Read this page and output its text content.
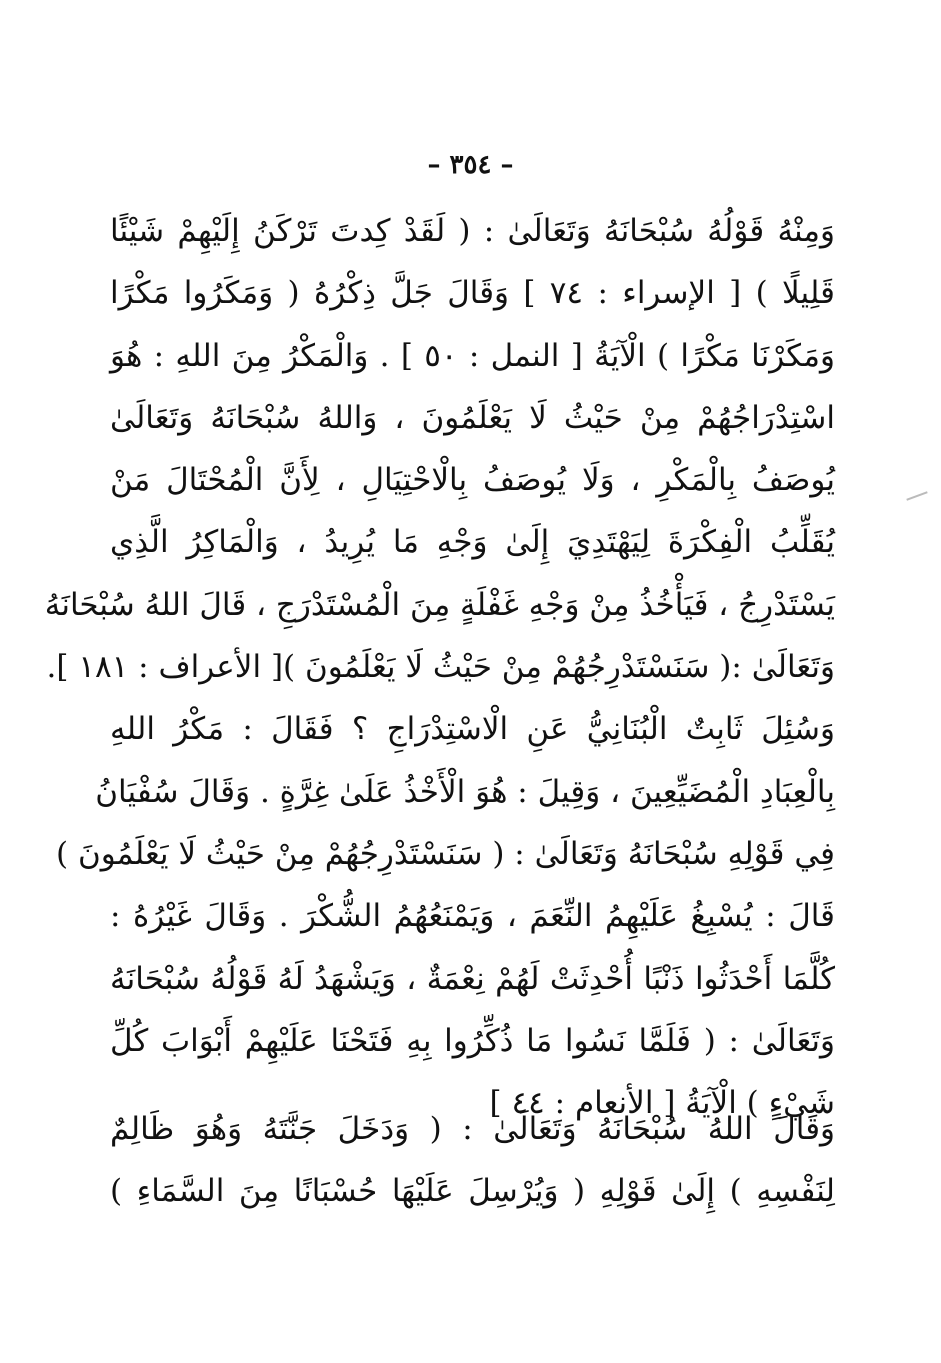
– ٣٥٤ –
وَمِنْهُ قَوْلُهُ سُبْحَانَهُ وَتَعَالَىٰ : ( لَقَدْ كِدتَ تَرْكَنُ إِلَيْهِمْ شَيْئًا
قَلِيلًا ) [ الإسراء : ٧٤ ] وَقَالَ جَلَّ ذِكْرُهُ ( وَمَكَرُوا مَكْرًا
وَمَكَرْنَا مَكْرًا ) الْآيَةُ [ النمل : ٥٠ ] . وَالْمَكْرُ مِنَ اللهِ : هُوَ
اسْتِدْرَاجُهُمْ مِنْ حَيْثُ لَا يَعْلَمُونَ ، وَاللهُ سُبْحَانَهُ وَتَعَالَىٰ
يُوصَفُ بِالْمَكْرِ ، وَلَا يُوصَفُ بِالْاحْتِيَالِ ، لِأَنَّ الْمُحْتَالَ مَنْ
يُقَلِّبُ الْفِكْرَةَ لِيَهْتَدِيَ إِلَىٰ وَجْهِ مَا يُرِيدُ ، وَالْمَاكِرُ الَّذِي
يَسْتَدْرِجُ ، فَيَأْخُذُ مِنْ وَجْهِ غَفْلَةٍ مِنَ الْمُسْتَدْرَجِ ، قَالَ اللهُ سُبْحَانَهُ
وَتَعَالَىٰ :( سَنَسْتَدْرِجُهُمْ مِنْ حَيْثُ لَا يَعْلَمُونَ )[ الأعراف : ١٨١ ].
وَسُئِلَ ثَابِتٌ الْبُنَانِيُّ عَنِ الْاسْتِدْرَاجِ ؟ فَقَالَ : مَكْرُ اللهِ
بِالْعِبَادِ الْمُضَيِّعِينَ ، وَقِيلَ : هُوَ الْأَخْذُ عَلَىٰ غِرَّةٍ . وَقَالَ سُفْيَانُ
فِي قَوْلِهِ سُبْحَانَهُ وَتَعَالَىٰ : ( سَنَسْتَدْرِجُهُمْ مِنْ حَيْثُ لَا يَعْلَمُونَ )
قَالَ : يُسْبِغُ عَلَيْهِمُ النِّعَمَ ، وَيَمْنَعُهُمُ الشُّكْرَ . وَقَالَ غَيْرُهُ :
كُلَّمَا أَحْدَثُوا ذَنْبًا أُحْدِثَتْ لَهُمْ نِعْمَةٌ ، وَيَشْهَدُ لَهُ قَوْلُهُ سُبْحَانَهُ
وَتَعَالَىٰ : ( فَلَمَّا نَسُوا مَا ذُكِّرُوا بِهِ فَتَحْنَا عَلَيْهِمْ أَبْوَابَ كُلِّ
شَيْءٍ ) الْآيَةُ [ الأنعام : ٤٤ ]
وَقَالَ اللهُ سُبْحَانَهُ وَتَعَالَىٰ : ( وَدَخَلَ جَنَّتَهُ وَهُوَ ظَالِمٌ
لِنَفْسِهِ ) إِلَىٰ قَوْلِهِ ( وَيُرْسِلَ عَلَيْهَا حُسْبَانًا مِنَ السَّمَاءِ )
